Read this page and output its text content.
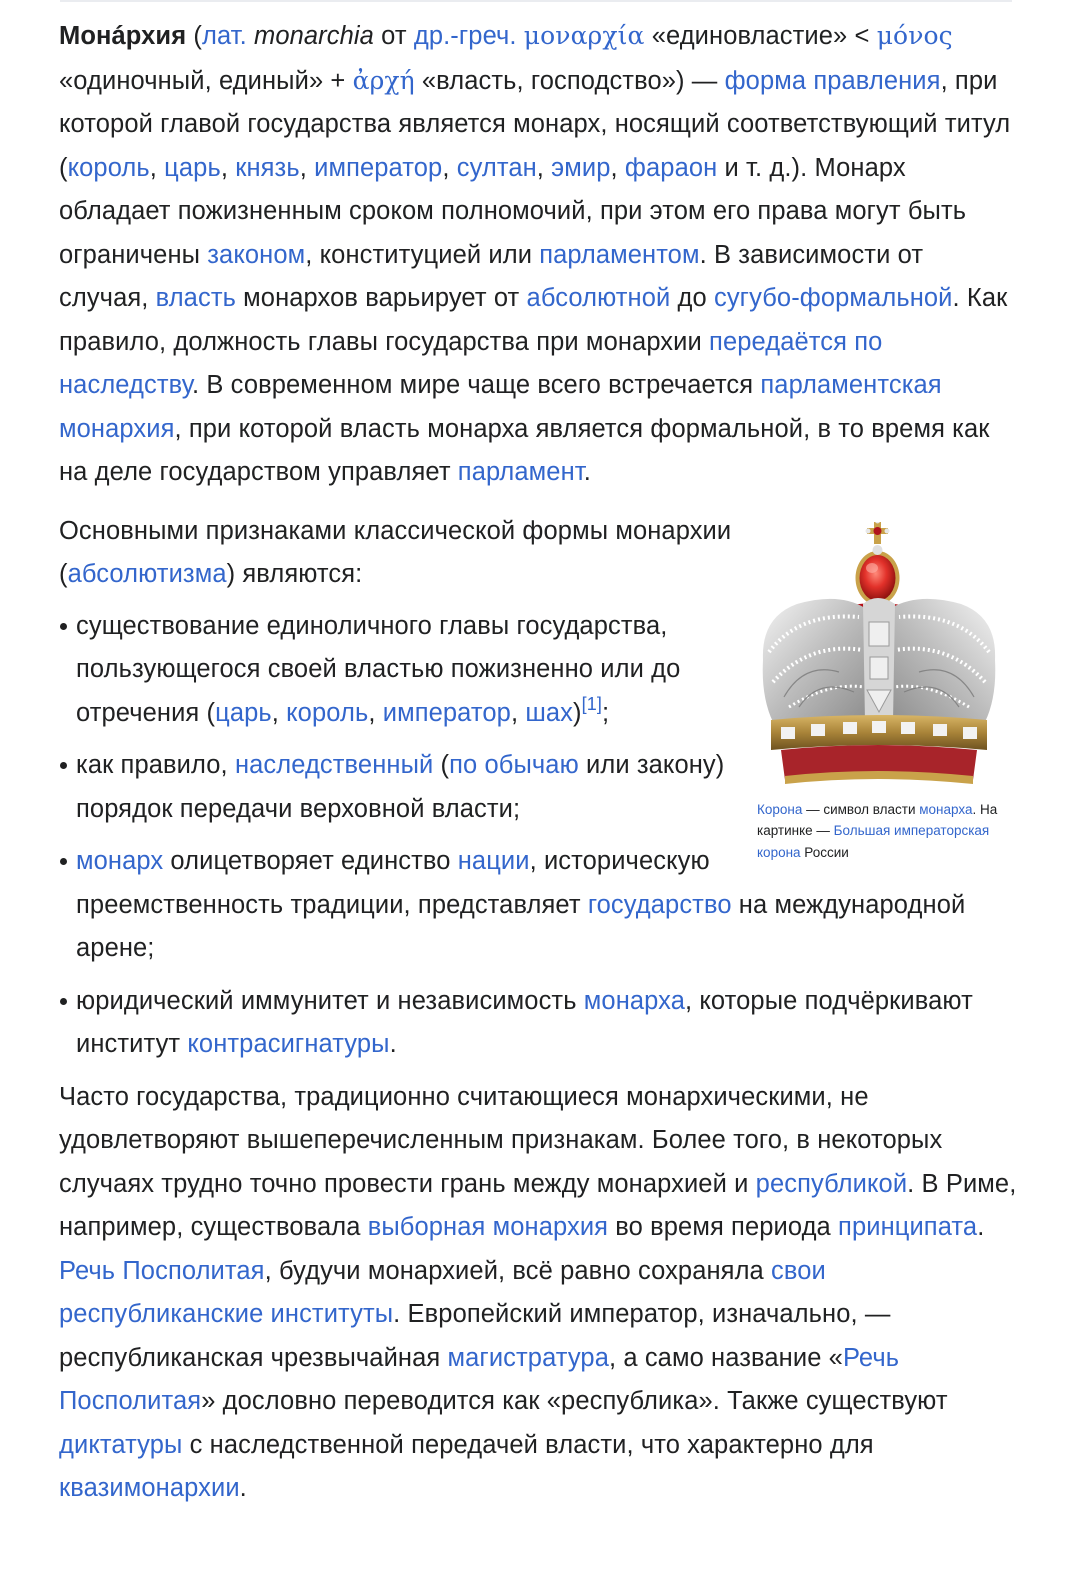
Монáрхия (лат. monarchia от др.-греч. μοναρχία «единовластие» < μόνος «одиночный, единый» + ἀρχή «власть, господство») — форма правления, при которой главой государства является монарх, носящий соответствующий титул (король, царь, князь, император, султан, эмир, фараон и т. д.). Монарх обладает пожизненным сроком полномочий, при этом его права могут быть ограничены законом, конституцией или парламентом. В зависимости от случая, власть монархов варьирует от абсолютной до сугубо-формальной. Как правило, должность главы государства при монархии передаётся по наследству. В современном мире чаще всего встречается парламентская монархия, при которой власть монарха является формальной, в то время как на деле государством управляет парламент.

Корона — символ власти монарха. На картинке — Большая императорская корона России

Основными признаками классической формы монархии (абсолютизма) являются:

существование единоличного главы государства, пользующегося своей властью пожизненно или до отречения (царь, король, император, шах)[1];
как правило, наследственный (по обычаю или закону) порядок передачи верховной власти;
монарх олицетворяет единство нации, историческую преемственность традиции, представляет государство на международной арене;
юридический иммунитет и независимость монарха, которые подчёркивают институт контрасигнатуры.

Часто государства, традиционно считающиеся монархическими, не удовлетворяют вышеперечисленным признакам. Более того, в некоторых случаях трудно точно провести грань между монархией и республикой. В Риме, например, существовала выборная монархия во время периода принципата. Речь Посполитая, будучи монархией, всё равно сохраняла свои республиканские институты. Европейский император, изначально, — республиканская чрезвычайная магистратура, а само название «Речь Посполитая» дословно переводится как «республика». Также существуют диктатуры с наследственной передачей власти, что характерно для квазимонархии.
